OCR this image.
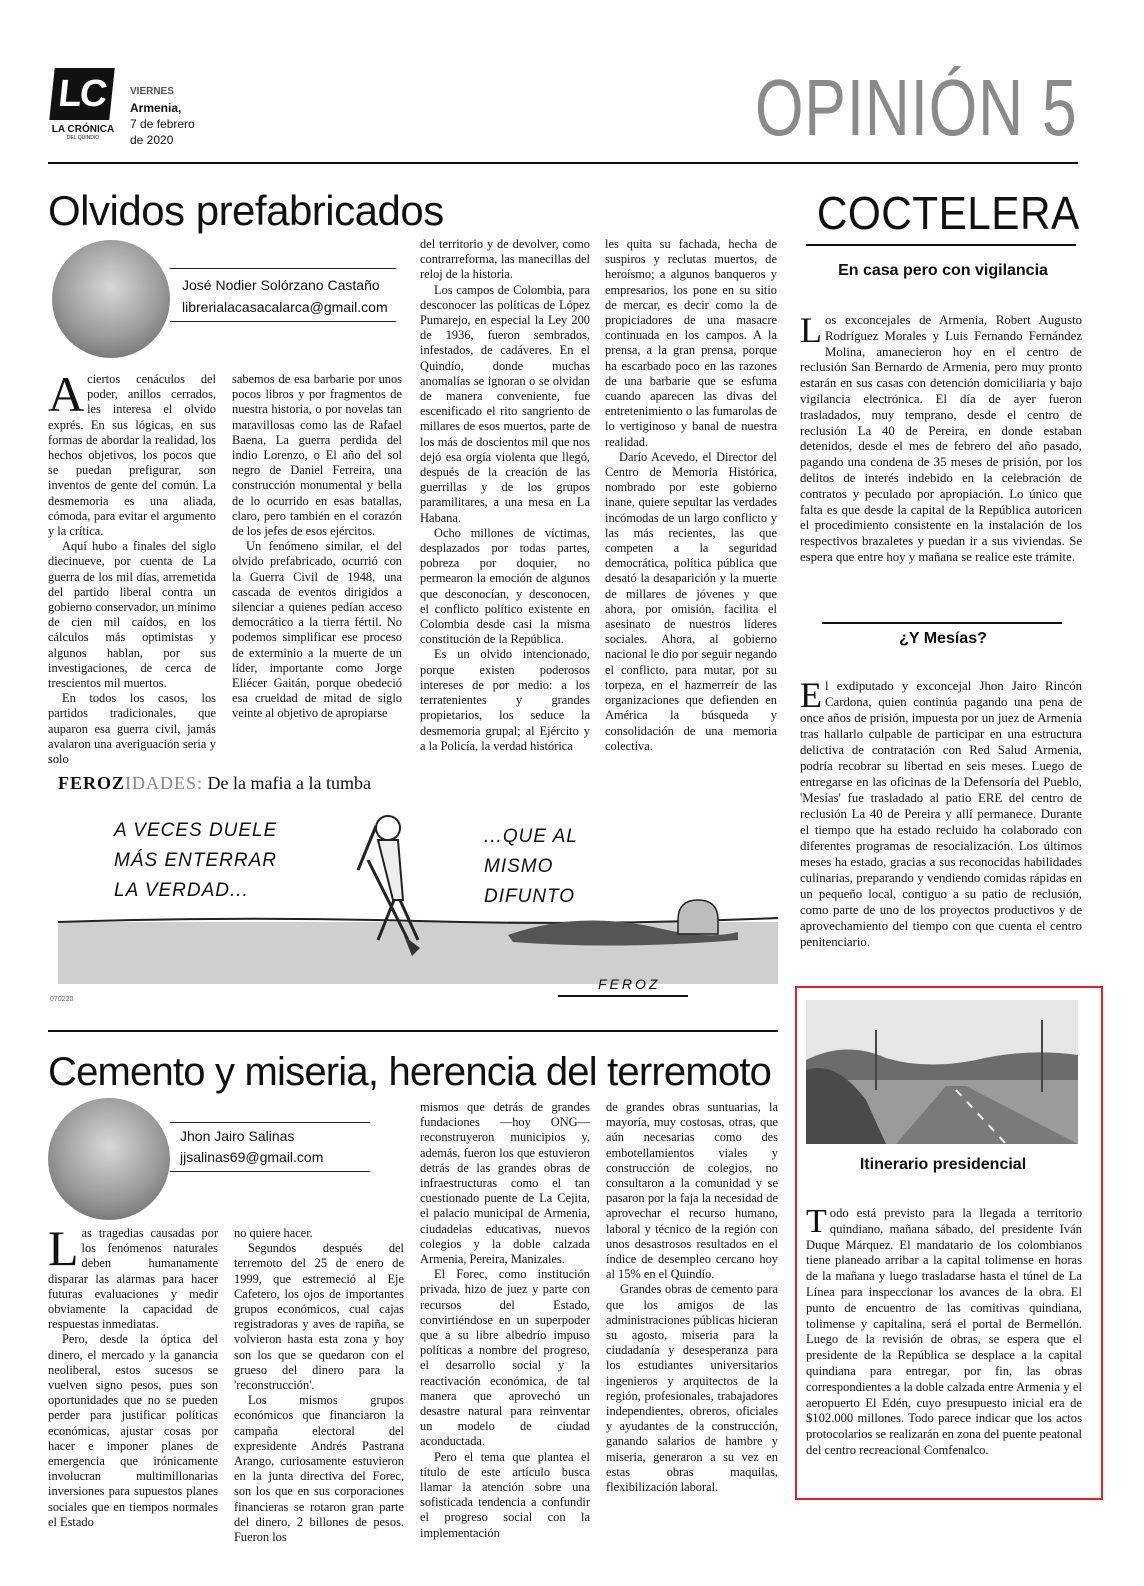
LC
LA CRÓNICA
DEL QUINDÍO
VIERNES
Armenia,
7 de febrero
de 2020	OPINIÓN 5
Olvidos prefabricados
José Nodier Solórzano Castaño
librerialacasacalarca@gmail.com

Aciertos cenáculos del poder, anillos cerrados, les interesa el olvido exprés. En sus lógicas, en sus formas de abordar la realidad, los hechos objetivos, los pocos que se puedan prefigurar, son inventos de gente del común. La desmemoria es una aliada, cómoda, para evitar el argumento y la crítica.

Aquí hubo a finales del siglo diecinueve, por cuenta de La guerra de los mil días, arremetida del partido liberal contra un gobierno conservador, un mínimo de cien mil caídos, en los cálculos más optimistas y algunos hablan, por sus investigaciones, de cerca de trescientos mil muertos.

En todos los casos, los partidos tradicionales, que auparon esa guerra civil, jamás avalaron una averiguación seria y solo

sabemos de esa barbarie por unos pocos libros y por fragmentos de nuestra historia, o por novelas tan maravillosas como las de Rafael Baena, La guerra perdida del indio Lorenzo, o El año del sol negro de Daniel Ferreira, una construcción monumental y bella de lo ocurrido en esas batallas, claro, pero también en el corazón de los jefes de esos ejércitos.

Un fenómeno similar, el del olvido prefabricado, ocurrió con la Guerra Civil de 1948, una cascada de eventos dirigidos a silenciar a quienes pedían acceso democrático a la tierra fértil. No podemos simplificar ese proceso de exterminio a la muerte de un líder, importante como Jorge Eliécer Gaitán, porque obedeció esa crueldad de mitad de siglo veinte al objetivo de apropiarse

del territorio y de devolver, como contrarreforma, las manecillas del reloj de la historia.

Los campos de Colombia, para desconocer las políticas de López Pumarejo, en especial la Ley 200 de 1936, fueron sembrados, infestados, de cadáveres. En el Quindío, donde muchas anomalías se ignoran o se olvidan de manera conveniente, fue escenificado el rito sangriento de millares de esos muertos, parte de los más de doscientos mil que nos dejó esa orgía violenta que llegó, después de la creación de las guerrillas y de los grupos paramilitares, a una mesa en La Habana.

Ocho millones de víctimas, desplazados por todas partes, pobreza por doquier, no permearon la emoción de algunos que desconocían, y desconocen, el conflicto político existente en Colombia desde casi la misma constitución de la República.

Es un olvido intencionado, porque existen poderosos intereses de por medio: a los terratenientes y grandes propietarios, los seduce la desmemoria grupal; al Ejército y a la Policía, la verdad histórica

les quita su fachada, hecha de suspiros y reclutas muertos, de heroísmo; a algunos banqueros y empresarios, los pone en su sitio de mercar, es decir como la de propiciadores de una masacre continuada en los campos. A la prensa, a la gran prensa, porque ha escarbado poco en las razones de una barbarie que se esfuma cuando aparecen las divas del entretenimiento o las fumarolas de lo vertiginoso y banal de nuestra realidad.

Darío Acevedo, el Director del Centro de Memoria Histórica, nombrado por este gobierno inane, quiere sepultar las verdades incómodas de un largo conflicto y las más recientes, las que competen a la seguridad democrática, política pública que desató la desaparición y la muerte de millares de jóvenes y que ahora, por omisión, facilita el asesinato de nuestros líderes sociales. Ahora, al gobierno nacional le dio por seguir negando el conflicto, para mutar, por su torpeza, en el hazmerreír de las organizaciones que defienden en América la búsqueda y consolidación de una memoria colectiva.

FEROZIDADES: De la mafia a la tumba
A VECES DUELE MÁS ENTERRAR LA VERDAD...
...QUE AL MISMO DIFUNTO
FEROZ
070220
Cemento y miseria, herencia del terremoto
Jhon Jairo Salinas
jjsalinas69@gmail.com

Las tragedias causadas por los fenómenos naturales deben humanamente disparar las alarmas para hacer futuras evaluaciones y medir obviamente la capacidad de respuestas inmediatas.

Pero, desde la óptica del dinero, el mercado y la ganancia neoliberal, estos sucesos se vuelven signo pesos, pues son oportunidades que no se pueden perder para justificar políticas económicas, ajustar cosas por hacer e imponer planes de emergencia que irónicamente involucran multimillonarias inversiones para supuestos planes sociales que en tiempos normales el Estado

no quiere hacer.

Segundos después del terremoto del 25 de enero de 1999, que estremeció al Eje Cafetero, los ojos de importantes grupos económicos, cual cajas registradoras y aves de rapiña, se volvieron hasta esta zona y hoy son los que se quedaron con el grueso del dinero para la 'reconstrucción'.

Los mismos grupos económicos que financiaron la campaña electoral del expresidente Andrés Pastrana Arango, curiosamente estuvieron en la junta directiva del Forec, son los que en sus corporaciones financieras se rotaron gran parte del dinero, 2 billones de pesos. Fueron los

mismos que detrás de grandes fundaciones —hoy ONG— reconstruyeron municipios y, además, fueron los que estuvieron detrás de las grandes obras de infraestructuras como el tan cuestionado puente de La Cejita, el palacio municipal de Armenia, ciudadelas educativas, nuevos colegios y la doble calzada Armenia, Pereira, Manizales.

El Forec, como institución privada, hizo de juez y parte con recursos del Estado, convirtiéndose en un superpoder que a su libre albedrío impuso políticas a nombre del progreso, el desarrollo social y la reactivación económica, de tal manera que aprovechó un desastre natural para reinventar un modelo de ciudad aconductada.

Pero el tema que plantea el título de este artículo busca llamar la atención sobre una sofisticada tendencia a confundir el progreso social con la implementación

de grandes obras suntuarias, la mayoría, muy costosas, otras, que aún necesarias como des embotellamientos viales y construcción de colegios, no consultaron a la comunidad y se pasaron por la faja la necesidad de aprovechar el recurso humano, laboral y técnico de la región con unos desastrosos resultados en el índice de desempleo cercano hoy al 15% en el Quindío.

Grandes obras de cemento para que los amigos de las administraciones públicas hicieran su agosto, miseria para la ciudadanía y desesperanza para los estudiantes universitarios ingenieros y arquitectos de la región, profesionales, trabajadores independientes, obreros, oficiales y ayudantes de la construcción, ganando salarios de hambre y miseria, generaron a su vez en estas obras maquilas, flexibilización laboral.

COCTELERA
En casa pero con vigilancia

Los exconcejales de Armenia, Robert Augusto Rodríguez Morales y Luis Fernando Fernández Molina, amanecieron hoy en el centro de reclusión San Bernardo de Armenia, pero muy pronto estarán en sus casas con detención domiciliaria y bajo vigilancia electrónica. El día de ayer fueron trasladados, muy temprano, desde el centro de reclusión La 40 de Pereira, en donde estaban detenidos, desde el mes de febrero del año pasado, pagando una condena de 35 meses de prisión, por los delitos de interés indebido en la celebración de contratos y peculado por apropiación. Lo único que falta es que desde la capital de la República autoricen el procedimiento consistente en la instalación de los respectivos brazaletes y puedan ir a sus viviendas. Se espera que entre hoy y mañana se realice este trámite.

¿Y Mesías?

El exdiputado y exconcejal Jhon Jairo Rincón Cardona, quien continúa pagando una pena de once años de prisión, impuesta por un juez de Armenia tras hallarlo culpable de participar en una estructura delictiva de contratación con Red Salud Armenia, podría recobrar su libertad en seis meses. Luego de entregarse en las oficinas de la Defensoría del Pueblo, 'Mesías' fue trasladado al patio ERE del centro de reclusión La 40 de Pereira y allí permanece. Durante el tiempo que ha estado recluido ha colaborado con diferentes programas de resocialización. Los últimos meses ha estado, gracias a sus reconocidas habilidades culinarias, preparando y vendiendo comidas rápidas en un pequeño local, contiguo a su patio de reclusión, como parte de uno de los proyectos productivos y de aprovechamiento del tiempo con que cuenta el centro penitenciario.

Itinerario presidencial

Todo está previsto para la llegada a territorio quindiano, mañana sábado, del presidente Iván Duque Márquez. El mandatario de los colombianos tiene planeado arribar a la capital tolimense en horas de la mañana y luego trasladarse hasta el túnel de La Línea para inspeccionar los avances de la obra. El punto de encuentro de las comitivas quindiana, tolimense y capitalina, será el portal de Bermellón. Luego de la revisión de obras, se espera que el presidente de la República se desplace a la capital quindiana para entregar, por fin, las obras correspondientes a la doble calzada entre Armenia y el aeropuerto El Edén, cuyo presupuesto inicial era de $102.000 millones. Todo parece indicar que los actos protocolarios se realizarán en zona del puente peatonal del centro recreacional Comfenalco.
